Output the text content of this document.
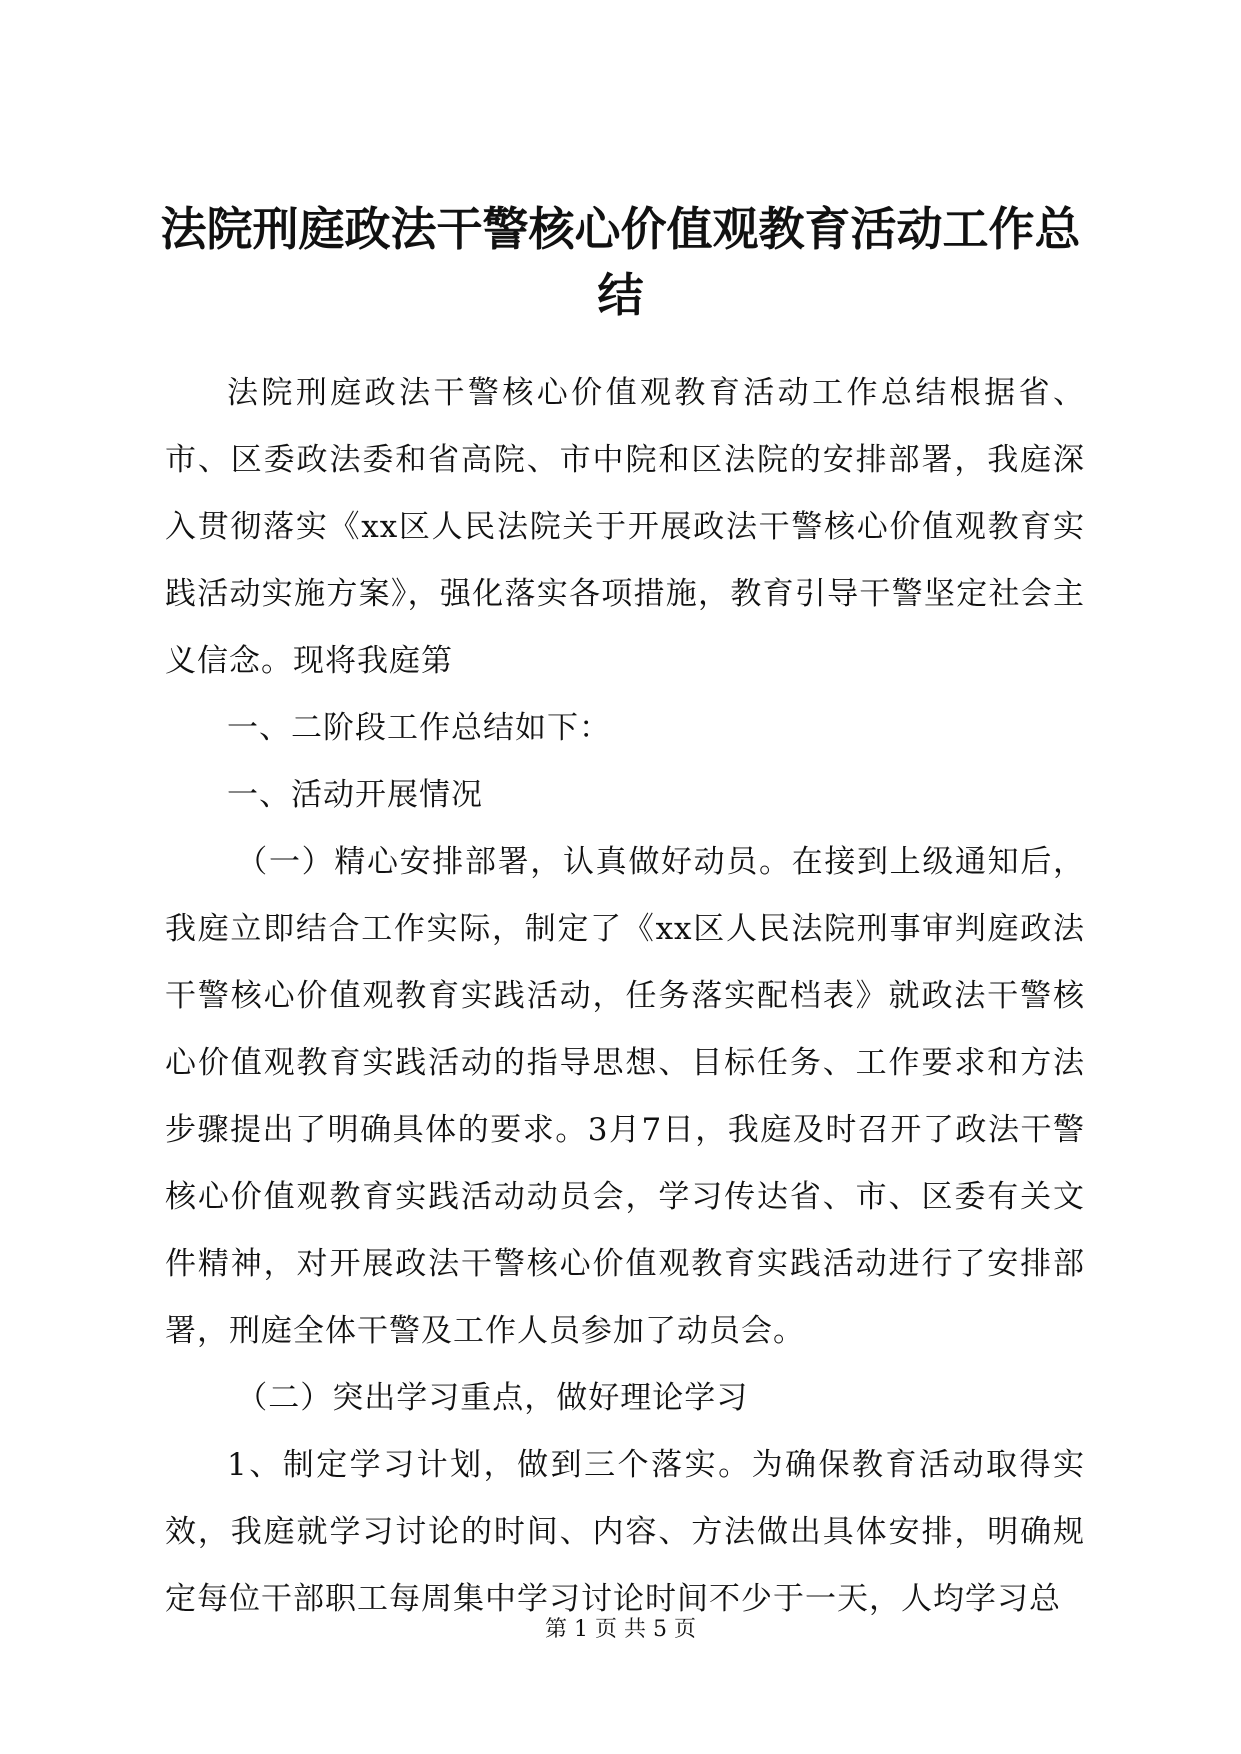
法院刑庭政法干警核心价值观教育活动工作总结

法院刑庭政法干警核心价值观教育活动工作总结根据省、市、区委政法委和省高院、市中院和区法院的安排部署，我庭深入贯彻落实《xx区人民法院关于开展政法干警核心价值观教育实践活动实施方案》，强化落实各项措施，教育引导干警坚定社会主义信念。现将我庭第

一、二阶段工作总结如下：

一、活动开展情况

（一）精心安排部署，认真做好动员。在接到上级通知后，我庭立即结合工作实际，制定了《xx区人民法院刑事审判庭政法干警核心价值观教育实践活动，任务落实配档表》就政法干警核心价值观教育实践活动的指导思想、目标任务、工作要求和方法步骤提出了明确具体的要求。3月7日，我庭及时召开了政法干警核心价值观教育实践活动动员会，学习传达省、市、区委有关文件精神，对开展政法干警核心价值观教育实践活动进行了安排部署，刑庭全体干警及工作人员参加了动员会。

（二）突出学习重点，做好理论学习

1、制定学习计划，做到三个落实。为确保教育活动取得实效，我庭就学习讨论的时间、内容、方法做出具体安排，明确规定每位干部职工每周集中学习讨论时间不少于一天，人均学习总

第 1 页 共 5 页
